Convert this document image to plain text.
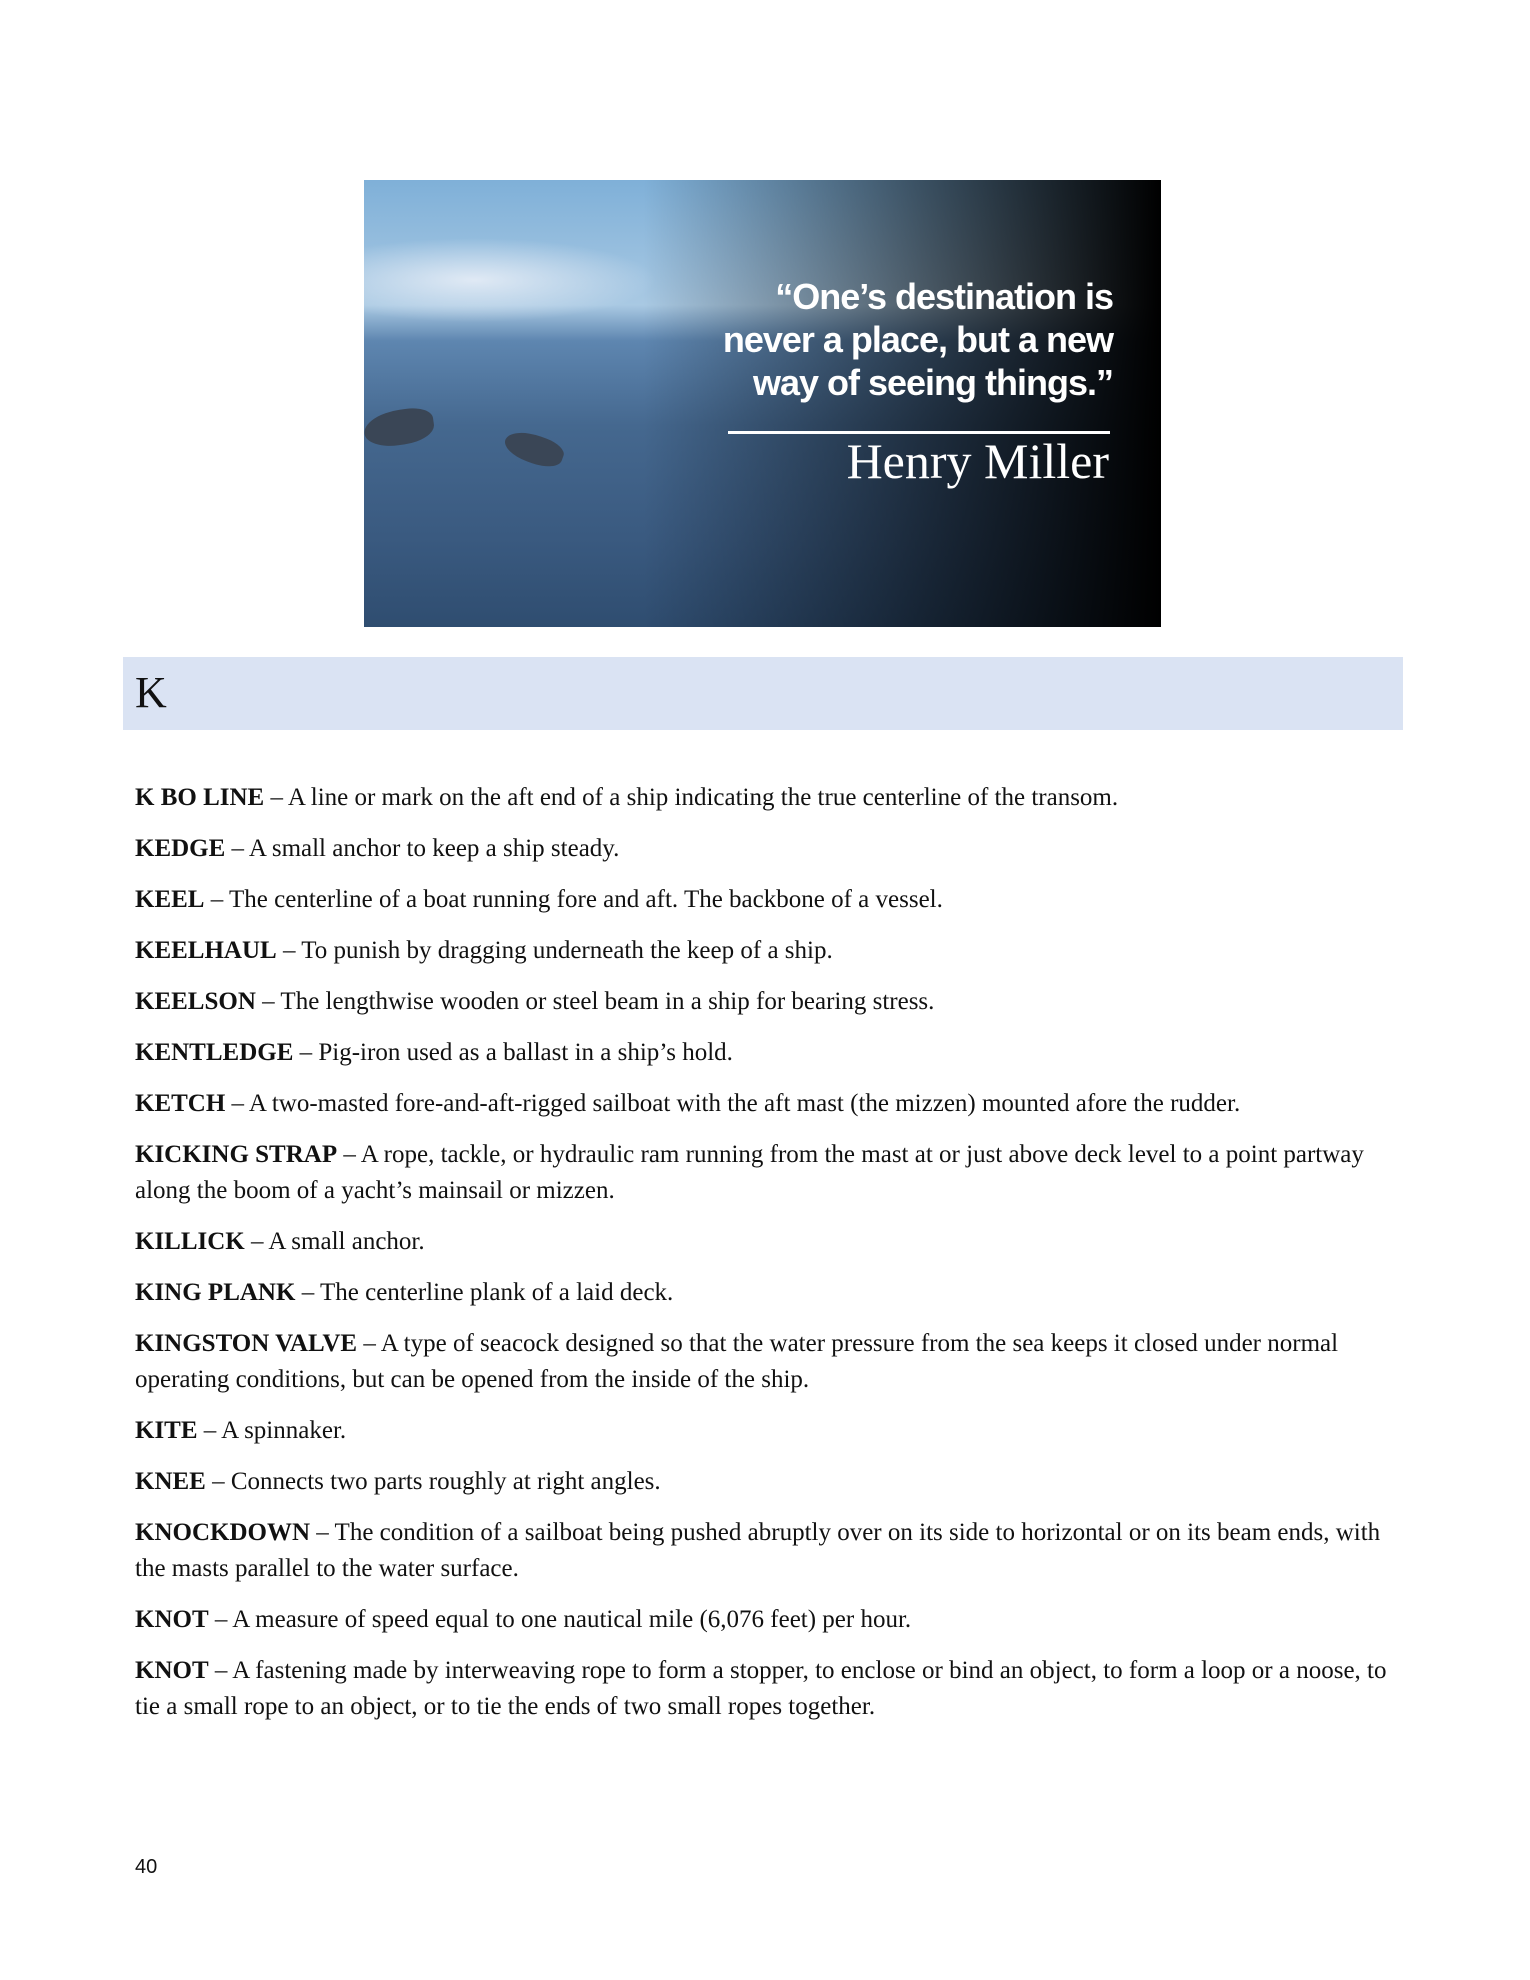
“One’s destination is
never a place, but a new
way of seeing things.”
Henry Miller
K

K BO LINE – A line or mark on the aft end of a ship indicating the true centerline of the transom.

KEDGE – A small anchor to keep a ship steady.

KEEL – The centerline of a boat running fore and aft. The backbone of a vessel.

KEELHAUL – To punish by dragging underneath the keep of a ship.

KEELSON – The lengthwise wooden or steel beam in a ship for bearing stress.

KENTLEDGE – Pig-iron used as a ballast in a ship’s hold.

KETCH – A two-masted fore-and-aft-rigged sailboat with the aft mast (the mizzen) mounted afore the rudder.

KICKING STRAP – A rope, tackle, or hydraulic ram running from the mast at or just above deck level to a point partway along the boom of a yacht’s mainsail or mizzen.

KILLICK – A small anchor.

KING PLANK – The centerline plank of a laid deck.

KINGSTON VALVE – A type of seacock designed so that the water pressure from the sea keeps it closed under normal operating conditions, but can be opened from the inside of the ship.

KITE – A spinnaker.

KNEE – Connects two parts roughly at right angles.

KNOCKDOWN – The condition of a sailboat being pushed abruptly over on its side to horizontal or on its beam ends, with the masts parallel to the water surface.

KNOT – A measure of speed equal to one nautical mile (6,076 feet) per hour.

KNOT – A fastening made by interweaving rope to form a stopper, to enclose or bind an object, to form a loop or a noose, to tie a small rope to an object, or to tie the ends of two small ropes together.

40
